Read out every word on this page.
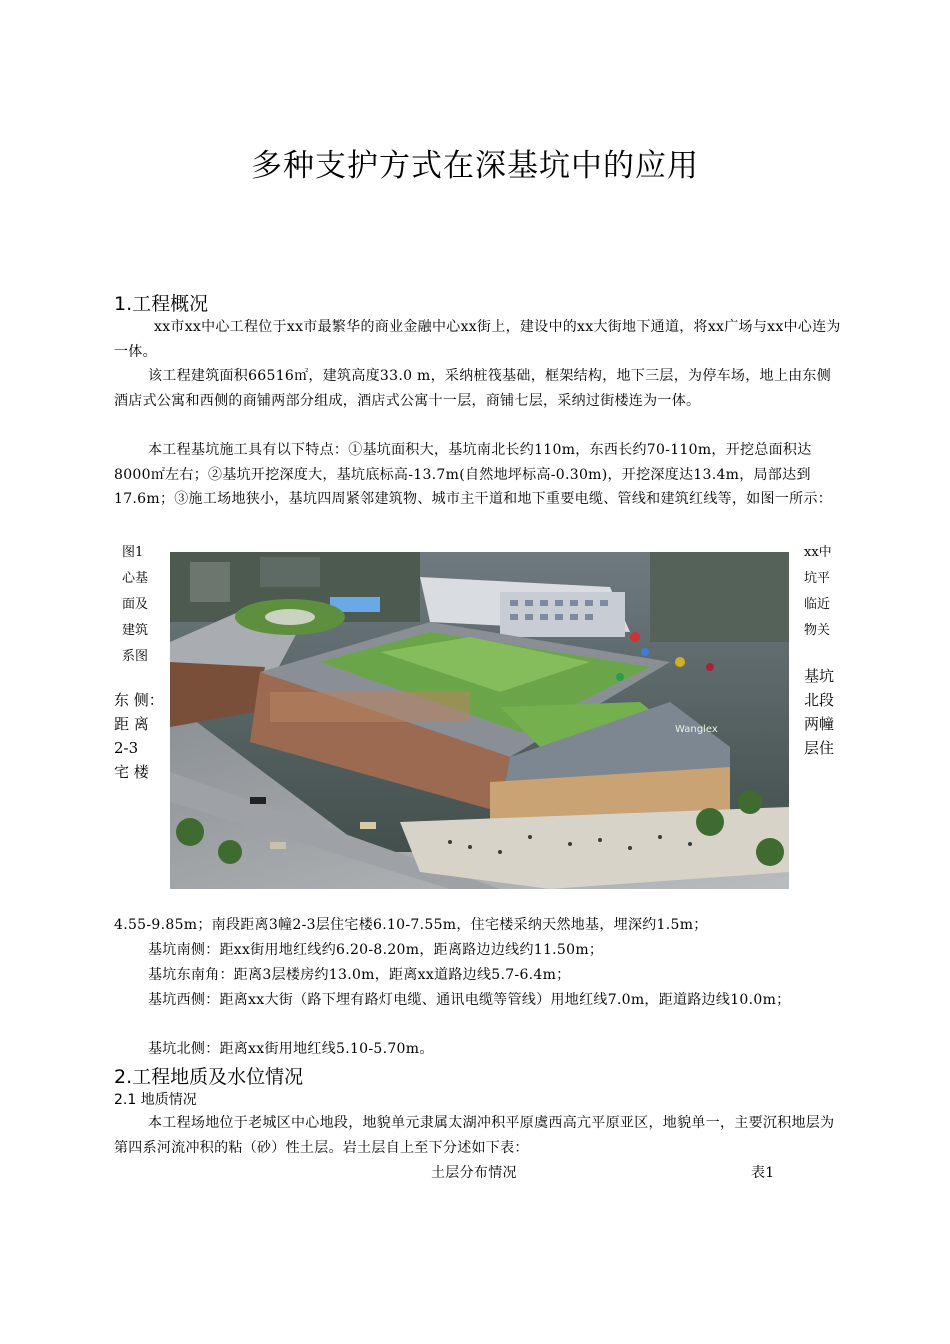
多种支护方式在深基坑中的应用
1.工程概况
xx市xx中心工程位于xx市最繁华的商业金融中心xx街上，建设中的xx大街地下通道，将xx广场与xx中心连为一体。
该工程建筑面积66516㎡，建筑高度33.0 m，采纳桩筏基础，框架结构，地下三层，为停车场，地上由东侧酒店式公寓和西侧的商铺两部分组成，酒店式公寓十一层，商铺七层，采纳过街楼连为一体。
本工程基坑施工具有以下特点：①基坑面积大，基坑南北长约110m，东西长约70-110m，开挖总面积达8000㎡左右；②基坑开挖深度大，基坑底标高-13.7m(自然地坪标高-0.30m)，开挖深度达13.4m，局部达到17.6m；③施工场地狭小，基坑四周紧邻建筑物、城市主干道和地下重要电缆、管线和建筑红线等，如图一所示：
图1
心基
面及
建筑
系图
东 侧：
距 离
2-3
宅 楼
xx中
坑平
临近
物关
基坑
北段
两幢
层住
Wanglex
4.55-9.85m；南段距离3幢2-3层住宅楼6.10-7.55m，住宅楼采纳天然地基，埋深约1.5m；
基坑南侧：距xx街用地红线约6.20-8.20m，距离路边边线约11.50m；
基坑东南角：距离3层楼房约13.0m，距离xx道路边线5.7-6.4m；
基坑西侧：距离xx大街（路下埋有路灯电缆、通讯电缆等管线）用地红线7.0m，距道路边线10.0m；
基坑北侧：距离xx街用地红线5.10-5.70m。
2.工程地质及水位情况
2.1 地质情况
本工程场地位于老城区中心地段，地貌单元隶属太湖冲积平原虞西高亢平原亚区，地貌单一，主要沉积地层为第四系河流冲积的粘（砂）性土层。岩土层自上至下分述如下表：
土层分布情况	表1
